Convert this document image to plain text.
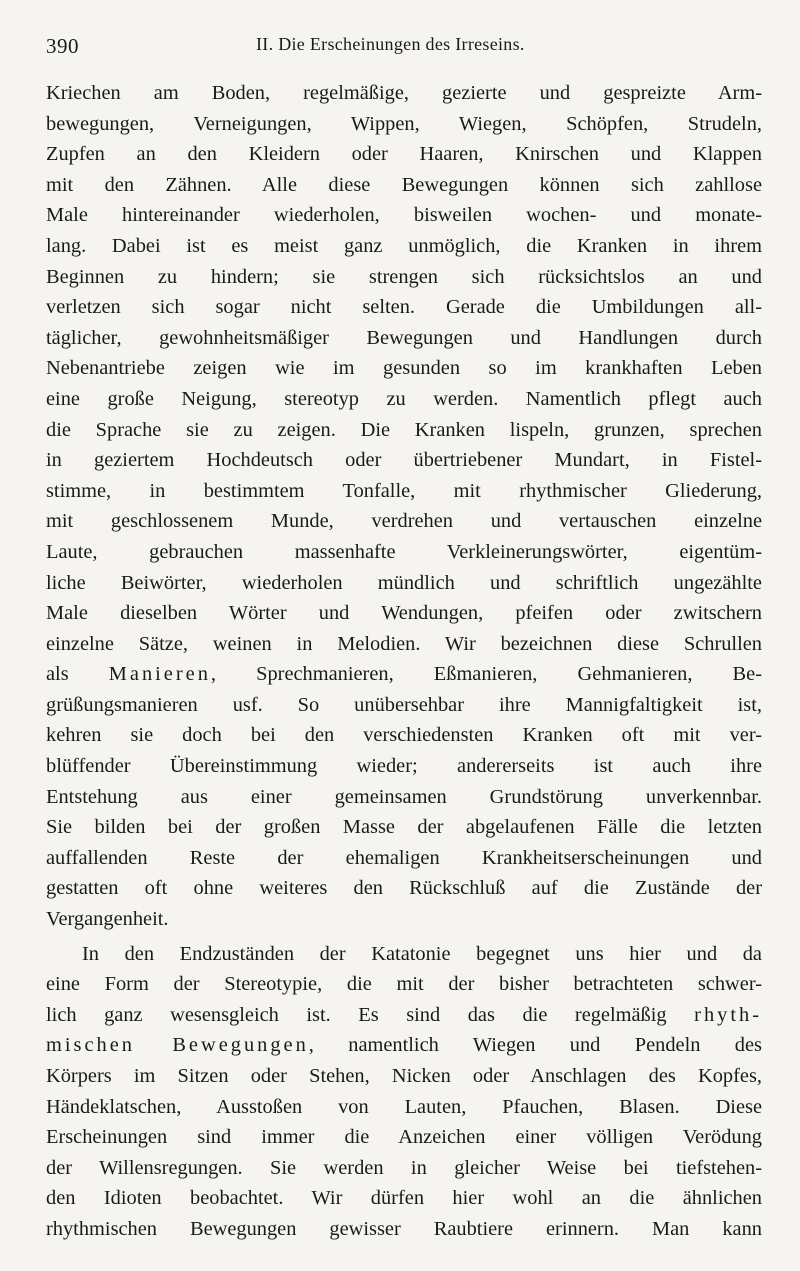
390	II. Die Erscheinungen des Irreseins.
Kriechen am Boden, regelmäßige, gezierte und gespreizte Arm-
bewegungen, Verneigungen, Wippen, Wiegen, Schöpfen, Strudeln,
Zupfen an den Kleidern oder Haaren, Knirschen und Klappen
mit den Zähnen. Alle diese Bewegungen können sich zahllose
Male hintereinander wiederholen, bisweilen wochen- und monate-
lang. Dabei ist es meist ganz unmöglich, die Kranken in ihrem
Beginnen zu hindern; sie strengen sich rücksichtslos an und
verletzen sich sogar nicht selten. Gerade die Umbildungen all-
täglicher, gewohnheitsmäßiger Bewegungen und Handlungen durch
Nebenantriebe zeigen wie im gesunden so im krankhaften Leben
eine große Neigung, stereotyp zu werden. Namentlich pflegt auch
die Sprache sie zu zeigen. Die Kranken lispeln, grunzen, sprechen
in geziertem Hochdeutsch oder übertriebener Mundart, in Fistel-
stimme, in bestimmtem Tonfalle, mit rhythmischer Gliederung,
mit geschlossenem Munde, verdrehen und vertauschen einzelne
Laute, gebrauchen massenhafte Verkleinerungswörter, eigentüm-
liche Beiwörter, wiederholen mündlich und schriftlich ungezählte
Male dieselben Wörter und Wendungen, pfeifen oder zwitschern
einzelne Sätze, weinen in Melodien. Wir bezeichnen diese Schrullen
als Manieren, Sprechmanieren, Eßmanieren, Gehmanieren, Be-
grüßungsmanieren usf. So unübersehbar ihre Mannigfaltigkeit ist,
kehren sie doch bei den verschiedensten Kranken oft mit ver-
blüffender Übereinstimmung wieder; andererseits ist auch ihre
Entstehung aus einer gemeinsamen Grundstörung unverkennbar.
Sie bilden bei der großen Masse der abgelaufenen Fälle die letzten
auffallenden Reste der ehemaligen Krankheitserscheinungen und
gestatten oft ohne weiteres den Rückschluß auf die Zustände der
Vergangenheit.
In den Endzuständen der Katatonie begegnet uns hier und da
eine Form der Stereotypie, die mit der bisher betrachteten schwer-
lich ganz wesensgleich ist. Es sind das die regelmäßig rhyth-
mischen Bewegungen, namentlich Wiegen und Pendeln des
Körpers im Sitzen oder Stehen, Nicken oder Anschlagen des Kopfes,
Händeklatschen, Ausstoßen von Lauten, Pfauchen, Blasen. Diese
Erscheinungen sind immer die Anzeichen einer völligen Verödung
der Willensregungen. Sie werden in gleicher Weise bei tiefstehen-
den Idioten beobachtet. Wir dürfen hier wohl an die ähnlichen
rhythmischen Bewegungen gewisser Raubtiere erinnern. Man kann
